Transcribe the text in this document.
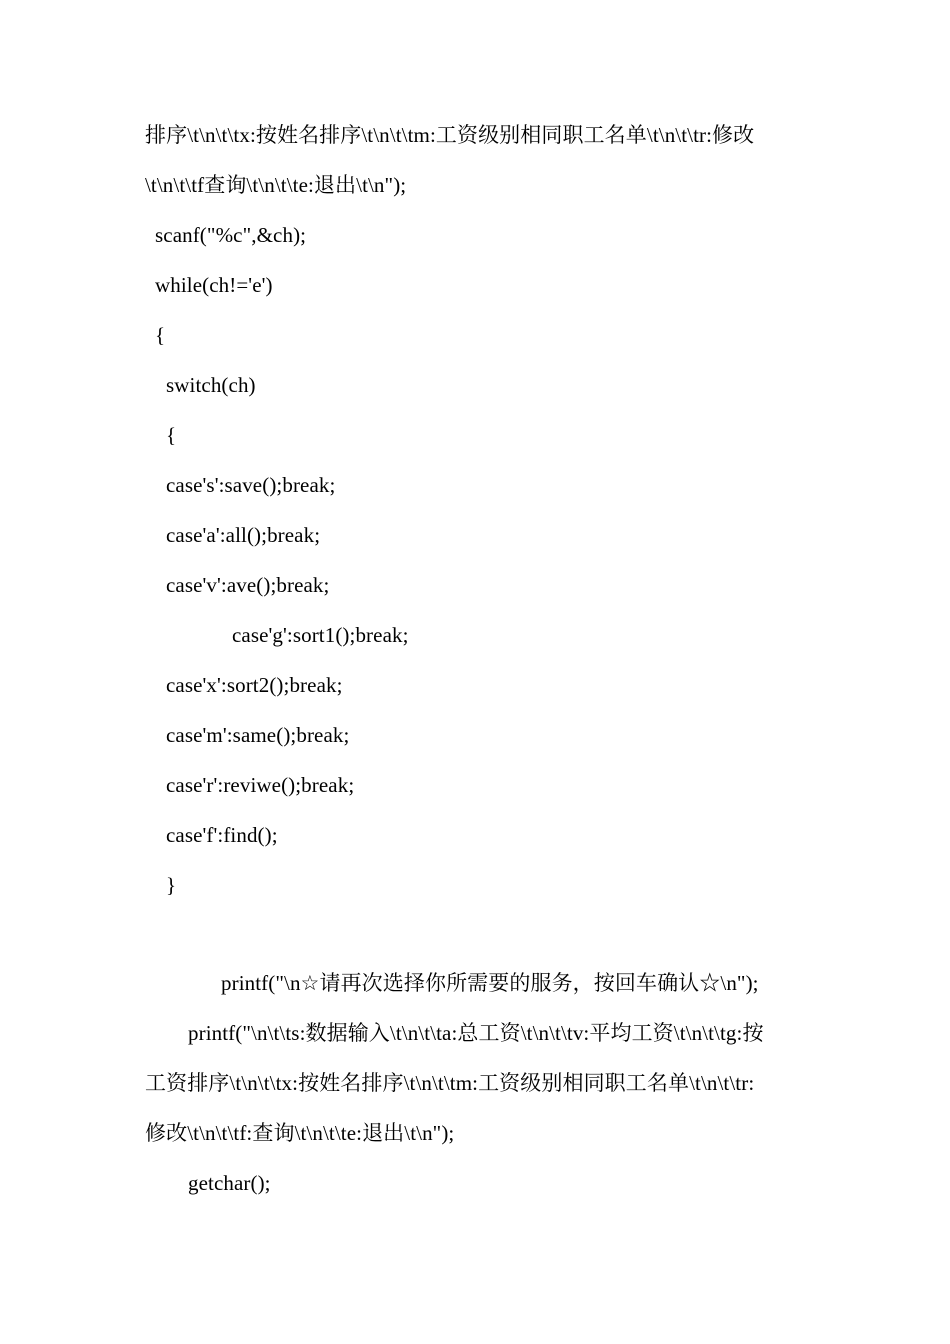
排序\t\n\t\tx:按姓名排序\t\n\t\tm:工资级别相同职工名单\t\n\t\tr:修改
\t\n\t\tf查询\t\n\t\te:退出\t\n");
scanf("%c",&ch);
while(ch!='e')
{
switch(ch)
{
case's':save();break;
case'a':all();break;
case'v':ave();break;
case'g':sort1();break;
case'x':sort2();break;
case'm':same();break;
case'r':reviwe();break;
case'f':find();
}
printf("\n☆请再次选择你所需要的服务，按回车确认☆\n");
printf("\n\t\ts:数据输入\t\n\t\ta:总工资\t\n\t\tv:平均工资\t\n\t\tg:按
工资排序\t\n\t\tx:按姓名排序\t\n\t\tm:工资级别相同职工名单\t\n\t\tr:
修改\t\n\t\tf:查询\t\n\t\te:退出\t\n");
getchar();
